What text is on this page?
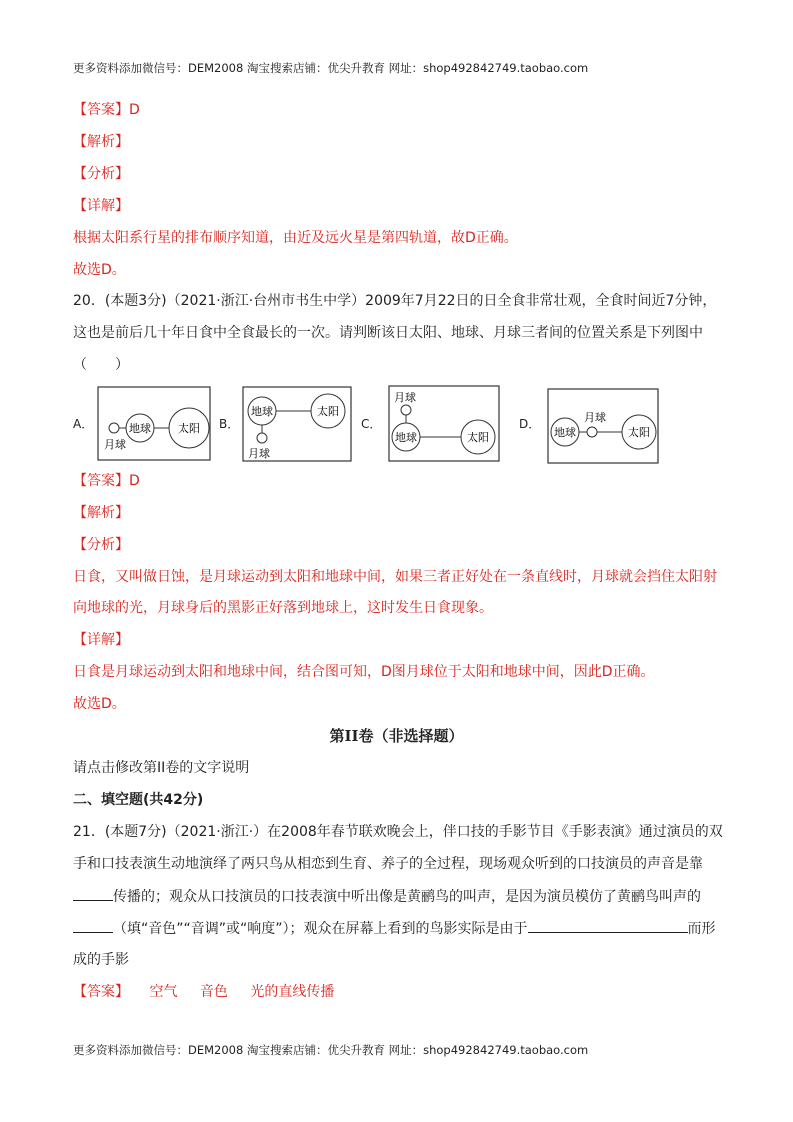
更多资料添加微信号：DEM2008 淘宝搜索店铺：优尖升教育 网址：shop492842749.taobao.com
【答案】D
【解析】
【分析】
【详解】
根据太阳系行星的排布顺序知道，由近及远火星是第四轨道，故D正确。
故选D。
20．(本题3分)（2021·浙江·台州市书生中学）2009年7月22日的日全食非常壮观，全食时间近7分钟，
这也是前后几十年日食中全食最长的一次。请判断该日太阳、地球、月球三者间的位置关系是下列图中
（　　）
A．	地球 太阳
月球
B．
地球	太阳
月球
C．
月球
地球	太阳
D．
地球
月球
太阳
【答案】D
【解析】
【分析】
日食，又叫做日蚀，是月球运动到太阳和地球中间，如果三者正好处在一条直线时，月球就会挡住太阳射
向地球的光，月球身后的黑影正好落到地球上，这时发生日食现象。
【详解】
日食是月球运动到太阳和地球中间，结合图可知，D图月球位于太阳和地球中间，因此D正确。
故选D。
第II卷（非选择题）
请点击修改第II卷的文字说明
二、填空题(共42分)
21．(本题7分)（2021·浙江·）在2008年春节联欢晚会上，伴口技的手影节目《手影表演》通过演员的双
手和口技表演生动地演绎了两只鸟从相恋到生育、养子的全过程，现场观众听到的口技演员的声音是靠
传播的；观众从口技演员的口技表演中听出像是黄鹂鸟的叫声，是因为演员模仿了黄鹂鸟叫声的
（填“音色”“音调”或“响度”）；观众在屏幕上看到的鸟影实际是由于	而形
成的手影
【答案】 空气 音色 光的直线传播
更多资料添加微信号：DEM2008 淘宝搜索店铺：优尖升教育 网址：shop492842749.taobao.com
